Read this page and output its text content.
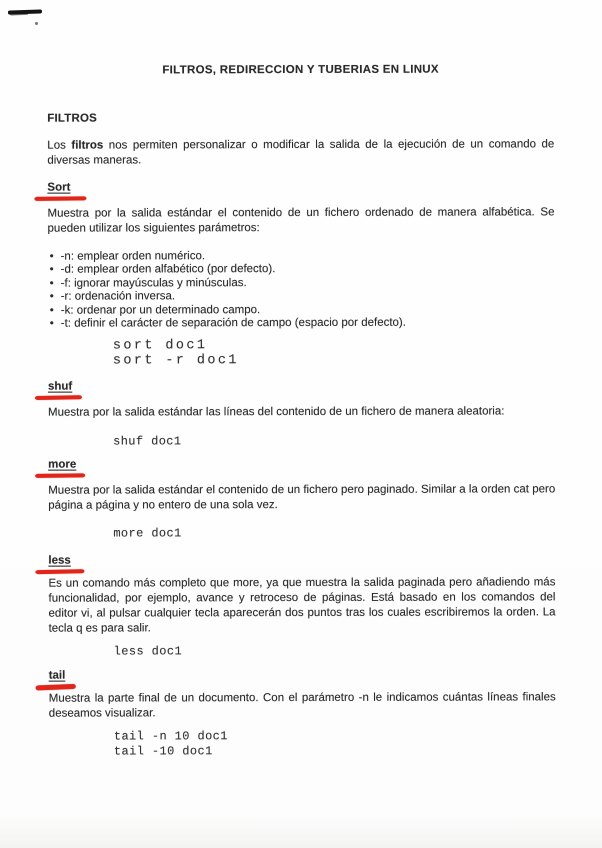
FILTROS, REDIRECCION Y TUBERIAS EN LINUX
FILTROS

Los filtros nos permiten personalizar o modificar la salida de la ejecución de un comando de diversas maneras.

Sort

Muestra por la salida estándar el contenido de un fichero ordenado de manera alfabética. Se pueden utilizar los siguientes parámetros:

• -n: emplear orden numérico.
• -d: emplear orden alfabético (por defecto).
• -f: ignorar mayúsculas y minúsculas.
• -r: ordenación inversa.
• -k: ordenar por un determinado campo.
• -t: definir el carácter de separación de campo (espacio por defecto).
sort doc1
sort -r doc1
shuf

Muestra por la salida estándar las líneas del contenido de un fichero de manera aleatoria:

shuf doc1
more

Muestra por la salida estándar el contenido de un fichero pero paginado. Similar a la orden cat pero página a página y no entero de una sola vez.

more doc1
less

Es un comando más completo que more, ya que muestra la salida paginada pero añadiendo más funcionalidad, por ejemplo, avance y retroceso de páginas. Está basado en los comandos del editor vi, al pulsar cualquier tecla aparecerán dos puntos tras los cuales escribiremos la orden. La tecla q es para salir.

less doc1
tail

Muestra la parte final de un documento. Con el parámetro -n le indicamos cuántas líneas finales deseamos visualizar.

tail -n 10 doc1
tail -10 doc1
